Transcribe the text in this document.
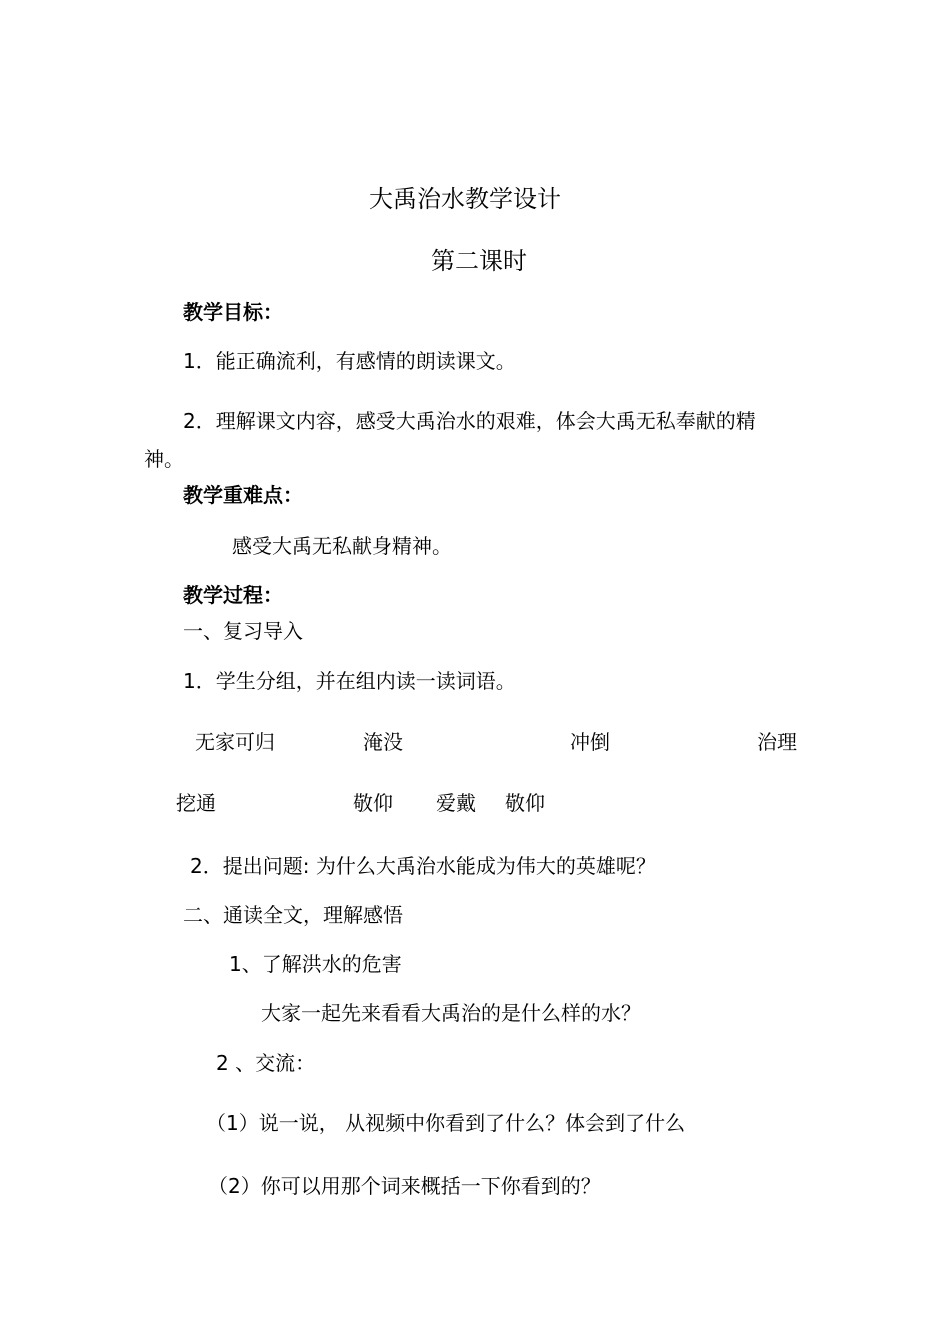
大禹治水教学设计
第二课时
教学目标：
1．能正确流利，有感情的朗读课文。
2．理解课文内容，感受大禹治水的艰难，体会大禹无私奉献的精
神。
教学重难点：
感受大禹无私献身精神。
教学过程：
一、复习导入
1．学生分组，并在组内读一读词语。
无家可归	淹没	冲倒	治理
挖通	敬仰 爱戴 敬仰
2．提出问题: 为什么大禹治水能成为伟大的英雄呢？
二、通读全文，理解感悟
1、了解洪水的危害
大家一起先来看看大禹治的是什么样的水？
2 、交流：
（1）说一说， 从视频中你看到了什么？体会到了什么
（2）你可以用那个词来概括一下你看到的？
